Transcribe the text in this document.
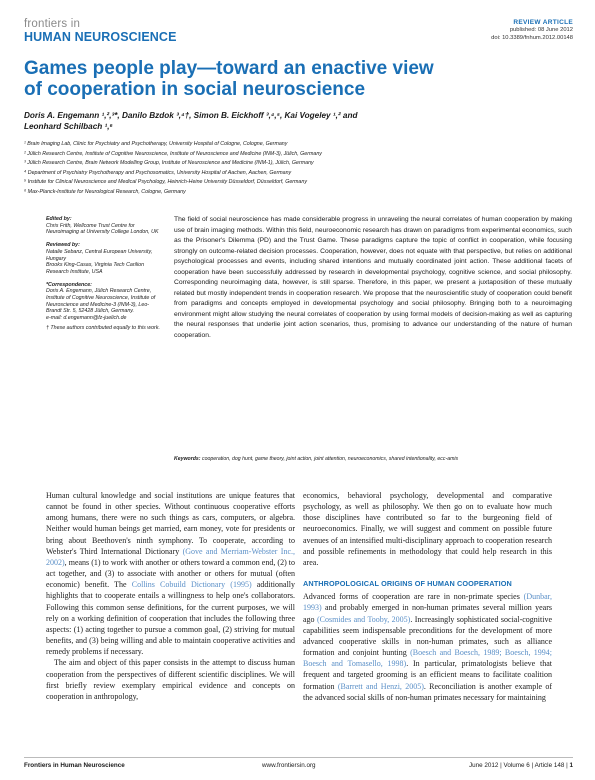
frontiers in
HUMAN NEUROSCIENCE
REVIEW ARTICLE
published: 08 June 2012
doi: 10.3389/fnhum.2012.00148
Games people play—toward an enactive view
of cooperation in social neuroscience
Doris A. Engemann ¹,²,³*, Danilo Bzdok ³,⁴†, Simon B. Eickhoff ³,⁴,⁵, Kai Vogeley ¹,² and
Leonhard Schilbach ¹,⁶
¹ Brain Imaging Lab, Clinic for Psychiatry and Psychotherapy, University Hospital of Cologne, Cologne, Germany
² Jülich Research Centre, Institute of Cognitive Neuroscience, Institute of Neuroscience and Medicine (INM-3), Jülich, Germany
³ Jülich Research Centre, Brain Network Modelling Group, Institute of Neuroscience and Medicine (INM-1), Jülich, Germany
⁴ Department of Psychiatry Psychotherapy and Psychosomatics, University Hospital of Aachen, Aachen, Germany
⁵ Institute for Clinical Neuroscience and Medical Psychology, Heinrich-Heine University Düsseldorf, Düsseldorf, Germany
⁶ Max-Planck-Institute for Neurological Research, Cologne, Germany
Edited by:
Chris Frith, Wellcome Trust Centre for Neuroimaging at University College London, UK
Reviewed by:
Natalie Sebanz, Central European University, Hungary
Brooks King-Casas, Virginia Tech Carilion Research Institute, USA
*Correspondence:
Doris A. Engemann, Jülich Research Centre, Institute of Cognitive Neuroscience, Institute of Neuroscience and Medicine-3 (INM-3), Leo-Brandt Str. 5, 52428 Jülich, Germany.
e-mail: d.engemann@fz-juelich.de
† These authors contributed equally to this work.
The field of social neuroscience has made considerable progress in unraveling the neural correlates of human cooperation by making use of brain imaging methods. Within this field, neuroeconomic research has drawn on paradigms from experimental economics, such as the Prisoner's Dilemma (PD) and the Trust Game. These paradigms capture the topic of conflict in cooperation, while focusing strongly on outcome-related decision processes. Cooperation, however, does not equate with that perspective, but relies on additional psychological processes and events, including shared intentions and mutually coordinated joint action. These additional facets of cooperation have been successfully addressed by research in developmental psychology, cognitive science, and social philosophy. Corresponding neuroimaging data, however, is still sparse. Therefore, in this paper, we present a juxtaposition of these mutually related but mostly independent trends in cooperation research. We propose that the neuroscientific study of cooperation could benefit from paradigms and concepts employed in developmental psychology and social philosophy. Bringing both to a neuroimaging environment might allow studying the neural correlates of cooperation by using formal models of decision-making as well as capturing the neural responses that underlie joint action scenarios, thus, promising to advance our understanding of the nature of human cooperation.
Keywords: cooperation, dog hunt, game theory, joint action, joint attention, neuroeconomics, shared intentionality, ecc-amis

Human cultural knowledge and social institutions are unique features that cannot be found in other species. Without continuous cooperative efforts among humans, there were no such things as cars, computers, or algebra. Neither would human beings get married, earn money, vote for presidents or bring about Beethoven's ninth symphony. To cooperate, according to Webster's Third International Dictionary (Gove and Merriam-Webster Inc., 2002), means (1) to work with another or others toward a common end, (2) to act together, and (3) to associate with another or others for mutual (often economic) benefit. The Collins Cobuild Dictionary (1995) additionally highlights that to cooperate entails a willingness to help one's collaborators. Following this common sense definitions, for the current purposes, we will rely on a working definition of cooperation that includes the following three aspects: (1) acting together to pursue a common goal, (2) striving for mutual benefits, and (3) being willing and able to maintain cooperative activities and remedy problems if necessary.

The aim and object of this paper consists in the attempt to discuss human cooperation from the perspectives of different scientific disciplines. We will first briefly review exemplary empirical evidence and concepts on cooperation in anthropology,

economics, behavioral psychology, developmental and comparative psychology, as well as philosophy. We then go on to evaluate how much those disciplines have contributed so far to the burgeoning field of neuroeconomics. Finally, we will suggest and comment on possible future avenues of an intensified multi-disciplinary approach to cooperation research and possible refinements in methodology that could help research in this area.

ANTHROPOLOGICAL ORIGINS OF HUMAN COOPERATION

Advanced forms of cooperation are rare in non-primate species (Dunbar, 1993) and probably emerged in non-human primates several million years ago (Cosmides and Tooby, 2005). Increasingly sophisticated social-cognitive capabilities seem indispensable preconditions for the development of more advanced cooperative skills in non-human primates, such as alliance formation and conjoint hunting (Boesch and Boesch, 1989; Boesch, 1994; Boesch and Tomasello, 1998). In particular, primatologists believe that frequent and targeted grooming is an efficient means to facilitate coalition formation (Barrett and Henzi, 2005). Reconciliation is another example of the advanced social skills of non-human primates necessary for maintaining

Frontiers in Human Neuroscience	www.frontiersin.org	June 2012 | Volume 6 | Article 148 | 1
